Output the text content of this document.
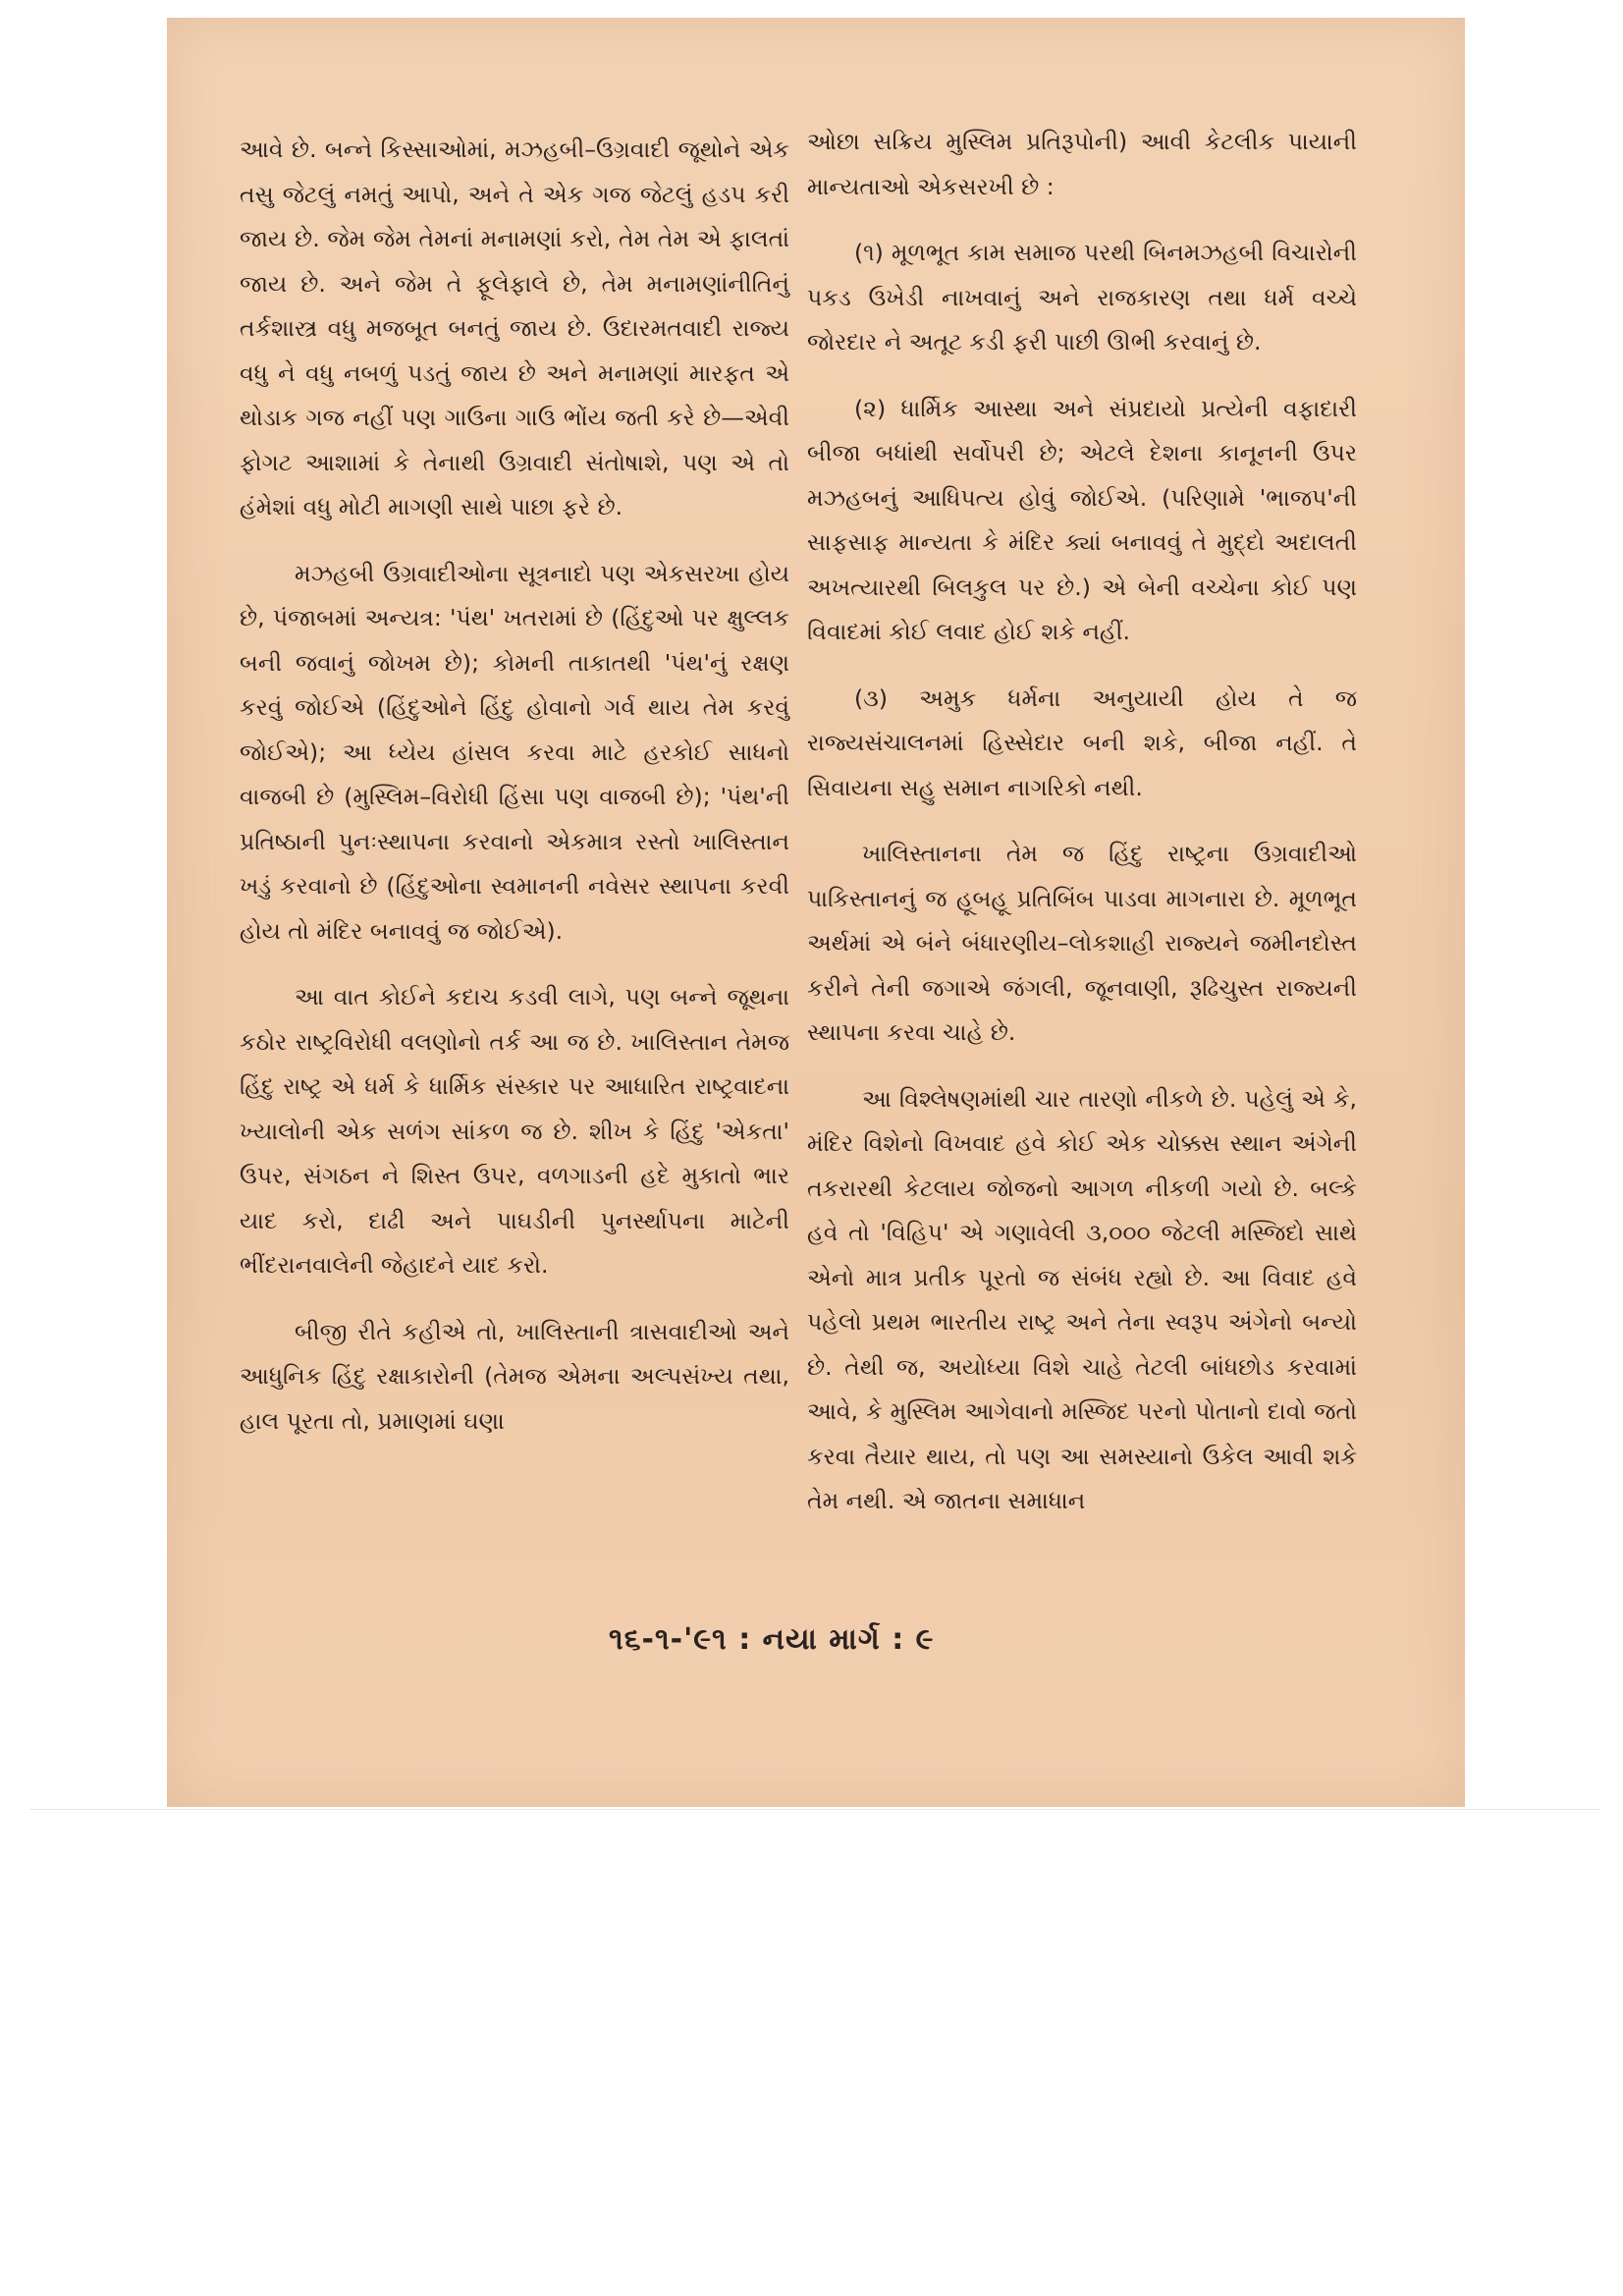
આવે છે. બન્ને કિસ્સાઓમાં, મઝહબી–ઉગ્રવાદી જૂથોને એક તસુ જેટલું નમતું આપો, અને તે એક ગજ જેટલું હડપ કરી જાય છે. જેમ જેમ તેમનાં મનામણાં કરો, તેમ તેમ એ ફાલતાં જાય છે. અને જેમ તે ફૂલેફાલે છે, તેમ મનામણાંનીતિનું તર્કશાસ્ત્ર વધુ મજબૂત બનતું જાય છે. ઉદારમતવાદી રાજ્ય વધુ ને વધુ નબળું પડતું જાય છે અને મનામણાં મારફત એ થોડાક ગજ નહીં પણ ગાઉના ગાઉ ભોંય જતી કરે છે—એવી ફોગટ આશામાં કે તેનાથી ઉગ્રવાદી સંતોષાશે, પણ એ તો હંમેશાં વધુ મોટી માગણી સાથે પાછા ફરે છે.

મઝહબી ઉગ્રવાદીઓના સૂત્રનાદો પણ એકસરખા હોય છે, પંજાબમાં અન્યત્ર: 'પંથ' ખતરામાં છે (હિંદુઓ પર ક્ષુલ્લક બની જવાનું જોખમ છે); કોમની તાકાતથી 'પંથ'નું રક્ષણ કરવું જોઈએ (હિંદુઓને હિંદુ હોવાનો ગર્વ થાય તેમ કરવું જોઈએ); આ ધ્યેય હાંસલ કરવા માટે હરકોઈ સાધનો વાજબી છે (મુસ્લિમ–વિરોધી હિંસા પણ વાજબી છે); 'પંથ'ની પ્રતિષ્ઠાની પુનઃસ્થાપના કરવાનો એકમાત્ર રસ્તો ખાલિસ્તાન ખડું કરવાનો છે (હિંદુઓના સ્વમાનની નવેસર સ્થાપના કરવી હોય તો મંદિર બનાવવું જ જોઈએ).

આ વાત કોઈને કદાચ કડવી લાગે, પણ બન્ને જૂથના કઠોર રાષ્ટ્રવિરોધી વલણોનો તર્ક આ જ છે. ખાલિસ્તાન તેમજ હિંદુ રાષ્ટ્ર એ ધર્મ કે ધાર્મિક સંસ્કાર પર આધારિત રાષ્ટ્રવાદના ખ્યાલોની એક સળંગ સાંકળ જ છે. શીખ કે હિંદુ 'એકતા' ઉપર, સંગઠન ને શિસ્ત ઉપર, વળગાડની હદે મુકાતો ભાર યાદ કરો, દાઢી અને પાઘડીની પુનર્સ્થાપના માટેની ભીંદરાનવાલેની જેહાદને યાદ કરો.

બીજી રીતે કહીએ તો, ખાલિસ્તાની ત્રાસવાદીઓ અને આધુનિક હિંદુ રક્ષાકારોની (તેમજ એમના અલ્પસંખ્ય તથા, હાલ પૂરતા તો, પ્રમાણમાં ઘણા

ઓછા સક્રિય મુસ્લિમ પ્રતિરૂપોની) આવી કેટલીક પાયાની માન્યતાઓ એકસરખી છે :

(૧) મૂળભૂત કામ સમાજ પરથી બિનમઝહબી વિચારોની પકડ ઉખેડી નાખવાનું અને રાજકારણ તથા ધર્મ વચ્ચે જોરદાર ને અતૂટ કડી ફરી પાછી ઊભી કરવાનું છે.

(૨) ધાર્મિક આસ્થા અને સંપ્રદાયો પ્રત્યેની વફાદારી બીજા બધાંથી સર્વોપરી છે; એટલે દેશના કાનૂનની ઉપર મઝહબનું આધિપત્ય હોવું જોઈએ. (પરિણામે 'ભાજપ'ની સાફસાફ માન્યતા કે મંદિર ક્યાં બનાવવું તે મુદ્દો અદાલતી અખત્યારથી બિલકુલ પર છે.) એ બેની વચ્ચેના કોઈ પણ વિવાદમાં કોઈ લવાદ હોઈ શકે નહીં.

(૩) અમુક ધર્મના અનુયાયી હોય તે જ રાજ્યસંચાલનમાં હિસ્સેદાર બની શકે, બીજા નહીં. તે સિવાયના સહુ સમાન નાગરિકો નથી.

ખાલિસ્તાનના તેમ જ હિંદુ રાષ્ટ્રના ઉગ્રવાદીઓ પાકિસ્તાનનું જ હૂબહૂ પ્રતિબિંબ પાડવા માગનારા છે. મૂળભૂત અર્થમાં એ બંને બંધારણીય–લોકશાહી રાજ્યને જમીનદોસ્ત કરીને તેની જગાએ જંગલી, જૂનવાણી, રૂઢિચુસ્ત રાજ્યની સ્થાપના કરવા ચાહે છે.

આ વિશ્લેષણમાંથી ચાર તારણો નીકળે છે. પહેલું એ કે, મંદિર વિશેનો વિખવાદ હવે કોઈ એક ચોક્કસ સ્થાન અંગેની તકરારથી કેટલાય જોજનો આગળ નીકળી ગયો છે. બલ્કે હવે તો 'વિહિપ' એ ગણાવેલી ૩,૦૦૦ જેટલી મસ્જિદો સાથે એનો માત્ર પ્રતીક પૂરતો જ સંબંધ રહ્યો છે. આ વિવાદ હવે પહેલો પ્રથમ ભારતીય રાષ્ટ્ર અને તેના સ્વરૂપ અંગેનો બન્યો છે. તેથી જ, અયોધ્યા વિશે ચાહે તેટલી બાંધછોડ કરવામાં આવે, કે મુસ્લિમ આગેવાનો મસ્જિદ પરનો પોતાનો દાવો જતો કરવા તૈયાર થાય, તો પણ આ સમસ્યાનો ઉકેલ આવી શકે તેમ નથી. એ જાતના સમાધાન

૧૬-૧-'૯૧ : નયા માર્ગ : ૯
